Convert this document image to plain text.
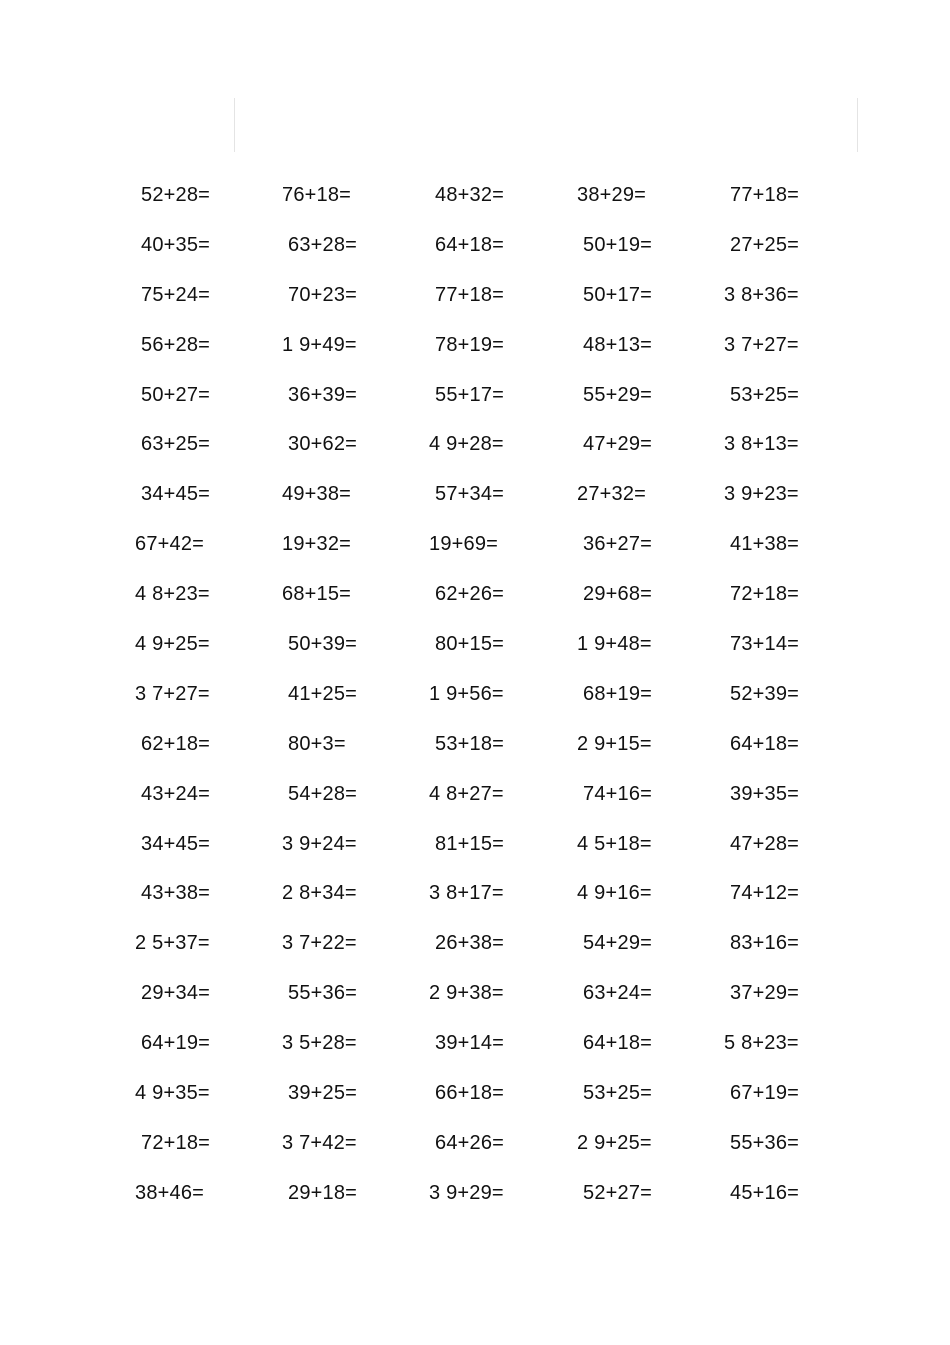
52+28=	76+18=	48+32=	38+29=	77+18=
40+35=	63+28=	64+18=	50+19=	27+25=
75+24=	70+23=	77+18=	50+17=	3 8+36=
56+28=	1 9+49=	78+19=	48+13=	3 7+27=
50+27=	36+39=	55+17=	55+29=	53+25=
63+25=	30+62=	4 9+28=	47+29=	3 8+13=
34+45=	49+38=	57+34=	27+32=	3 9+23=
67+42=	19+32=	19+69=	36+27=	41+38=
4 8+23=	68+15=	62+26=	29+68=	72+18=
4 9+25=	50+39=	80+15=	1 9+48=	73+14=
3 7+27=	41+25=	1 9+56=	68+19=	52+39=
62+18=	80+3=	53+18=	2 9+15=	64+18=
43+24=	54+28=	4 8+27=	74+16=	39+35=
34+45=	3 9+24=	81+15=	4 5+18=	47+28=
43+38=	2 8+34=	3 8+17=	4 9+16=	74+12=
2 5+37=	3 7+22=	26+38=	54+29=	83+16=
29+34=	55+36=	2 9+38=	63+24=	37+29=
64+19=	3 5+28=	39+14=	64+18=	5 8+23=
4 9+35=	39+25=	66+18=	53+25=	67+19=
72+18=	3 7+42=	64+26=	2 9+25=	55+36=
38+46=	29+18=	3 9+29=	52+27=	45+16=
